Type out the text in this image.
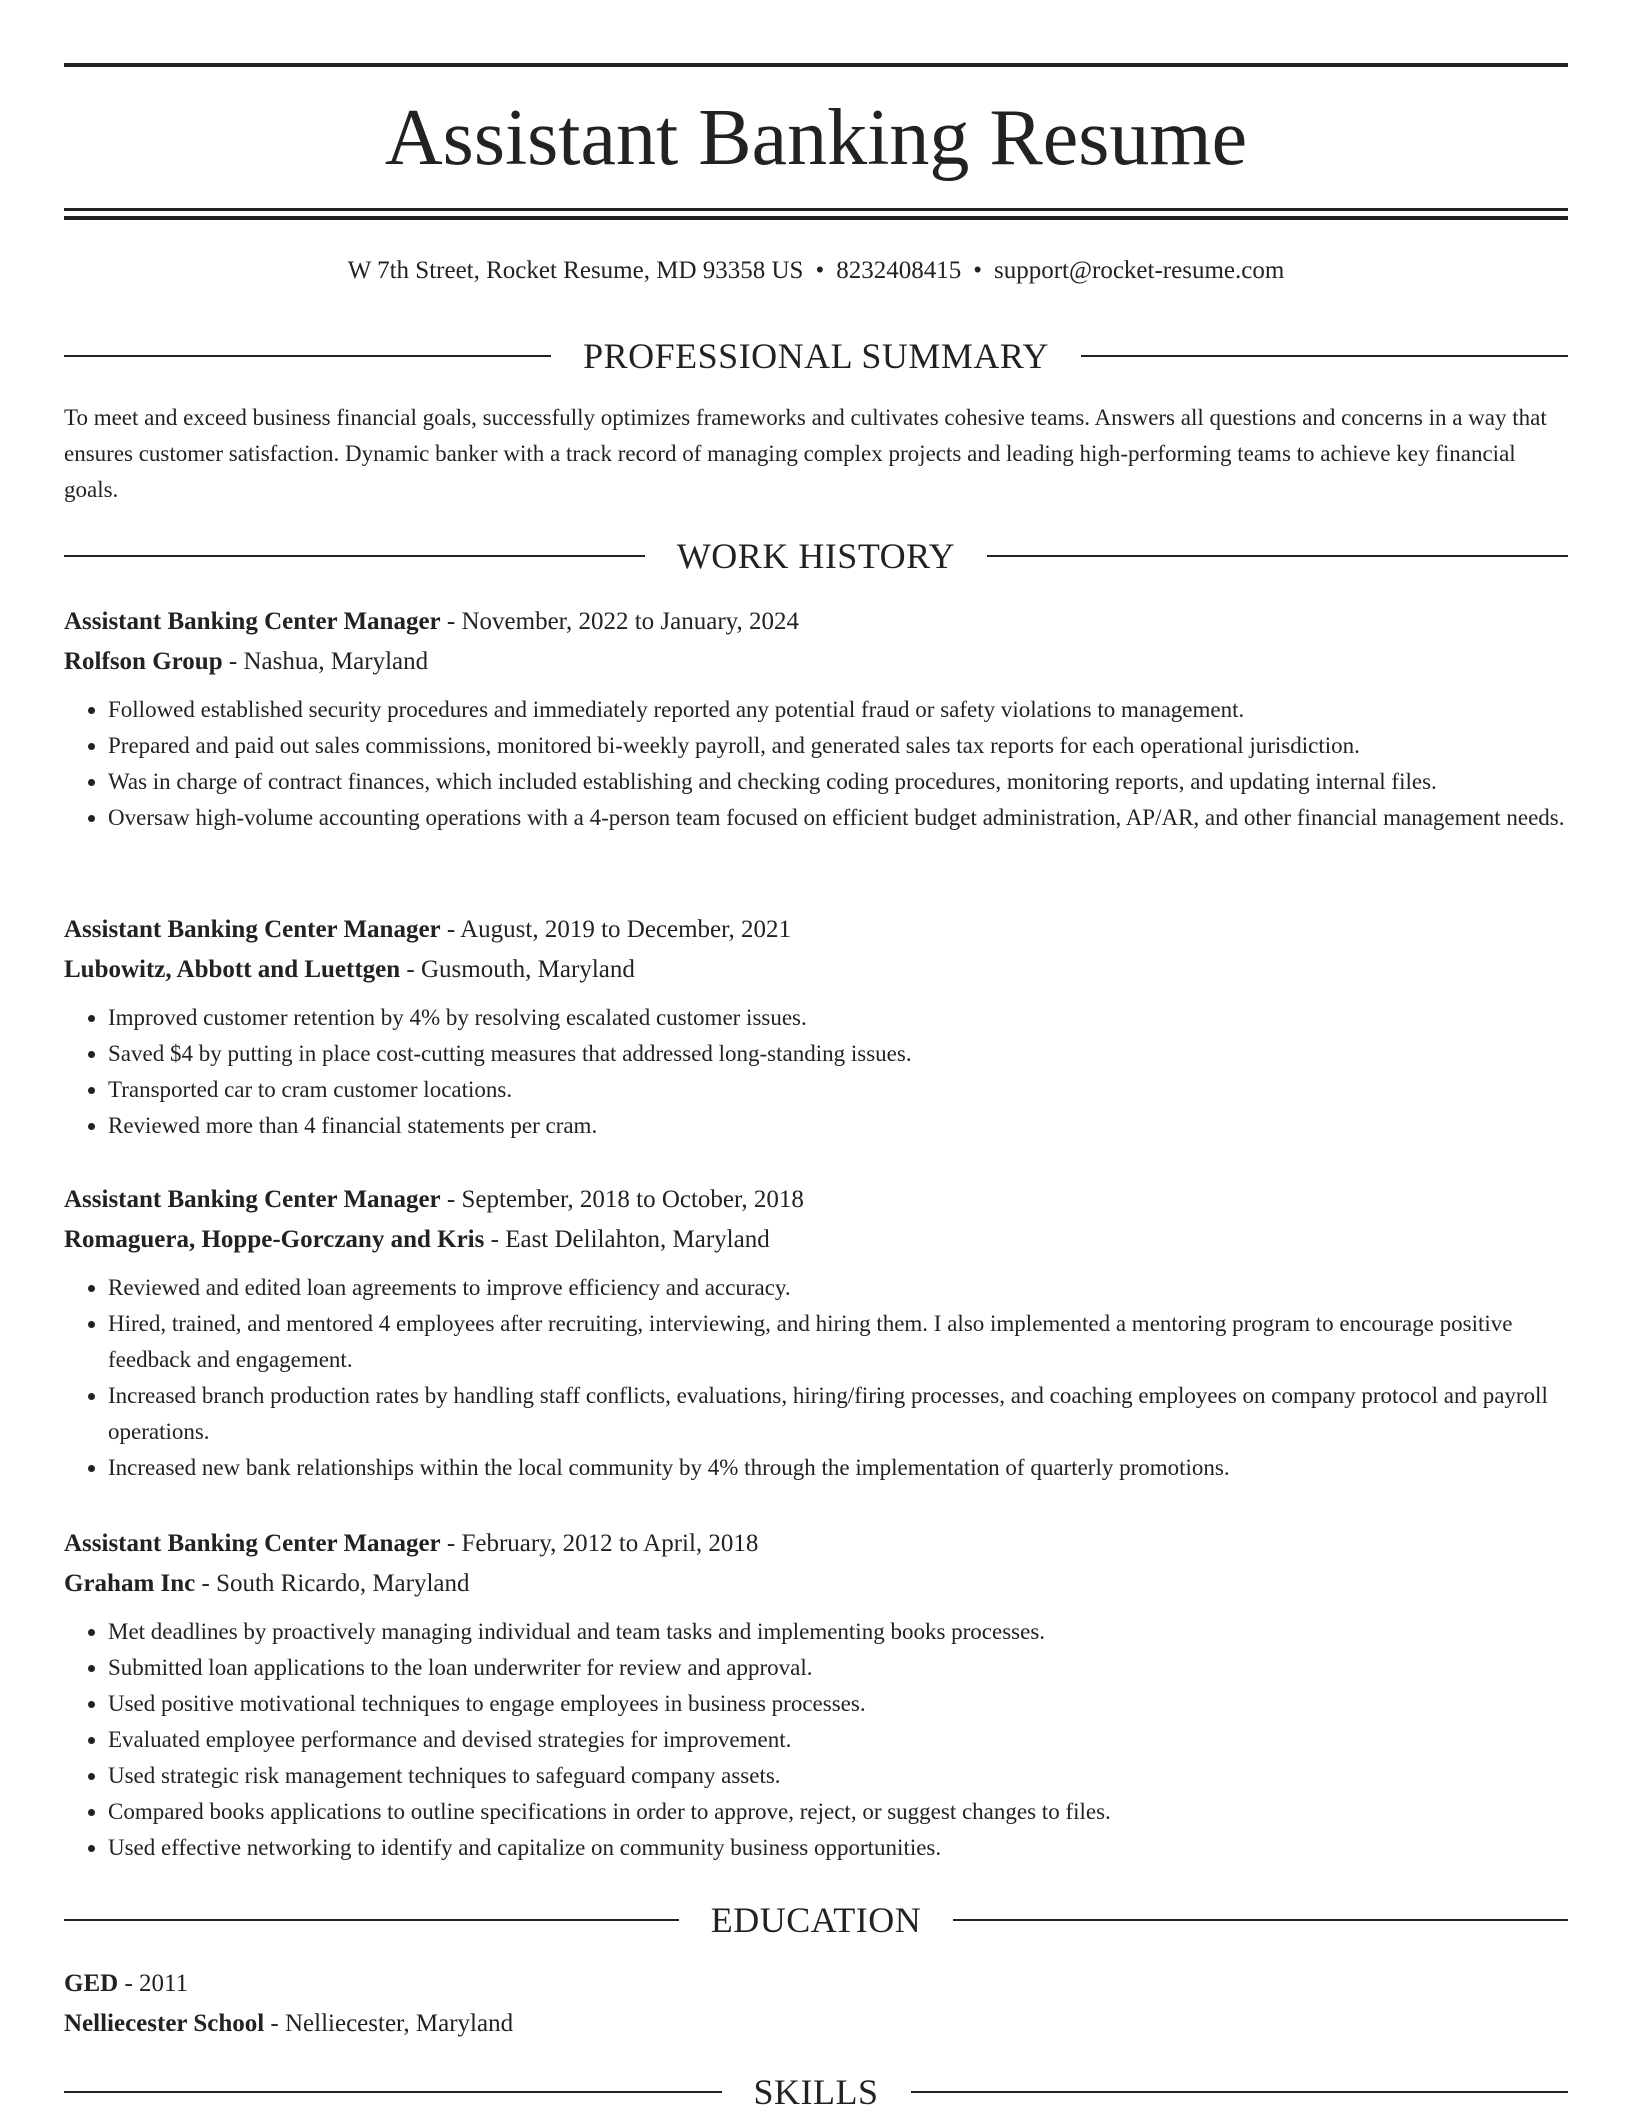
Assistant Banking Resume
W 7th Street, Rocket Resume, MD 93358 US • 8232408415 • support@rocket-resume.com
PROFESSIONAL SUMMARY

To meet and exceed business financial goals, successfully optimizes frameworks and cultivates cohesive teams. Answers all questions and concerns in a way that ensures customer satisfaction. Dynamic banker with a track record of managing complex projects and leading high-performing teams to achieve key financial goals.

WORK HISTORY
Assistant Banking Center Manager - November, 2022 to January, 2024
Rolfson Group - Nashua, Maryland
• Followed established security procedures and immediately reported any potential fraud or safety violations to management.
• Prepared and paid out sales commissions, monitored bi-weekly payroll, and generated sales tax reports for each operational jurisdiction.
• Was in charge of contract finances, which included establishing and checking coding procedures, monitoring reports, and updating internal files.
• Oversaw high-volume accounting operations with a 4-person team focused on efficient budget administration, AP/AR, and other financial management needs.
Assistant Banking Center Manager - August, 2019 to December, 2021
Lubowitz, Abbott and Luettgen - Gusmouth, Maryland
• Improved customer retention by 4% by resolving escalated customer issues.
• Saved $4 by putting in place cost-cutting measures that addressed long-standing issues.
• Transported car to cram customer locations.
• Reviewed more than 4 financial statements per cram.
Assistant Banking Center Manager - September, 2018 to October, 2018
Romaguera, Hoppe-Gorczany and Kris - East Delilahton, Maryland
• Reviewed and edited loan agreements to improve efficiency and accuracy.
• Hired, trained, and mentored 4 employees after recruiting, interviewing, and hiring them. I also implemented a mentoring program to encourage positive feedback and engagement.
• Increased branch production rates by handling staff conflicts, evaluations, hiring/firing processes, and coaching employees on company protocol and payroll operations.
• Increased new bank relationships within the local community by 4% through the implementation of quarterly promotions.
Assistant Banking Center Manager - February, 2012 to April, 2018
Graham Inc - South Ricardo, Maryland
• Met deadlines by proactively managing individual and team tasks and implementing books processes.
• Submitted loan applications to the loan underwriter for review and approval.
• Used positive motivational techniques to engage employees in business processes.
• Evaluated employee performance and devised strategies for improvement.
• Used strategic risk management techniques to safeguard company assets.
• Compared books applications to outline specifications in order to approve, reject, or suggest changes to files.
• Used effective networking to identify and capitalize on community business opportunities.
EDUCATION
GED - 2011
Nelliecester School - Nelliecester, Maryland
SKILLS
